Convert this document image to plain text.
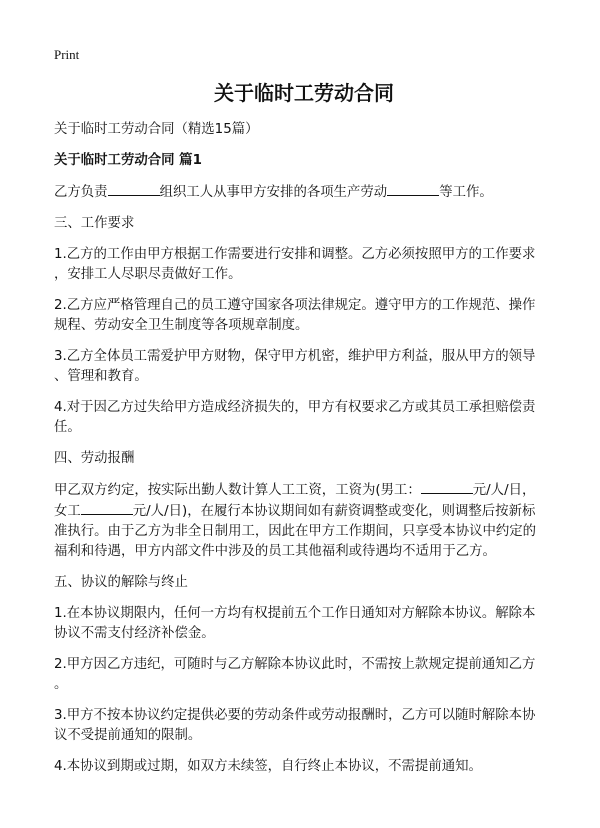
Print
关于临时工劳动合同
关于临时工劳动合同（精选15篇）
关于临时工劳动合同 篇1
乙方负责	组织工人从事甲方安排的各项生产劳动	等工作。
三、工作要求
1.乙方的工作由甲方根据工作需要进行安排和调整。乙方必须按照甲方的工作要求
，安排工人尽职尽责做好工作。
2.乙方应严格管理自己的员工遵守国家各项法律规定。遵守甲方的工作规范、操作
规程、劳动安全卫生制度等各项规章制度。
3.乙方全体员工需爱护甲方财物，保守甲方机密，维护甲方利益，服从甲方的领导
、管理和教育。
4.对于因乙方过失给甲方造成经济损失的，甲方有权要求乙方或其员工承担赔偿责
任。
四、劳动报酬
甲乙双方约定，按实际出勤人数计算人工工资，工资为(男工：	元/人/日，
女工	元/人/日)，在履行本协议期间如有薪资调整或变化，则调整后按新标
准执行。由于乙方为非全日制用工，因此在甲方工作期间，只享受本协议中约定的
福利和待遇，甲方内部文件中涉及的员工其他福利或待遇均不适用于乙方。
五、协议的解除与终止
1.在本协议期限内，任何一方均有权提前五个工作日通知对方解除本协议。解除本
协议不需支付经济补偿金。
2.甲方因乙方违纪，可随时与乙方解除本协议此时，不需按上款规定提前通知乙方
。
3.甲方不按本协议约定提供必要的劳动条件或劳动报酬时，乙方可以随时解除本协
议不受提前通知的限制。
4.本协议到期或过期，如双方未续签，自行终止本协议，不需提前通知。
